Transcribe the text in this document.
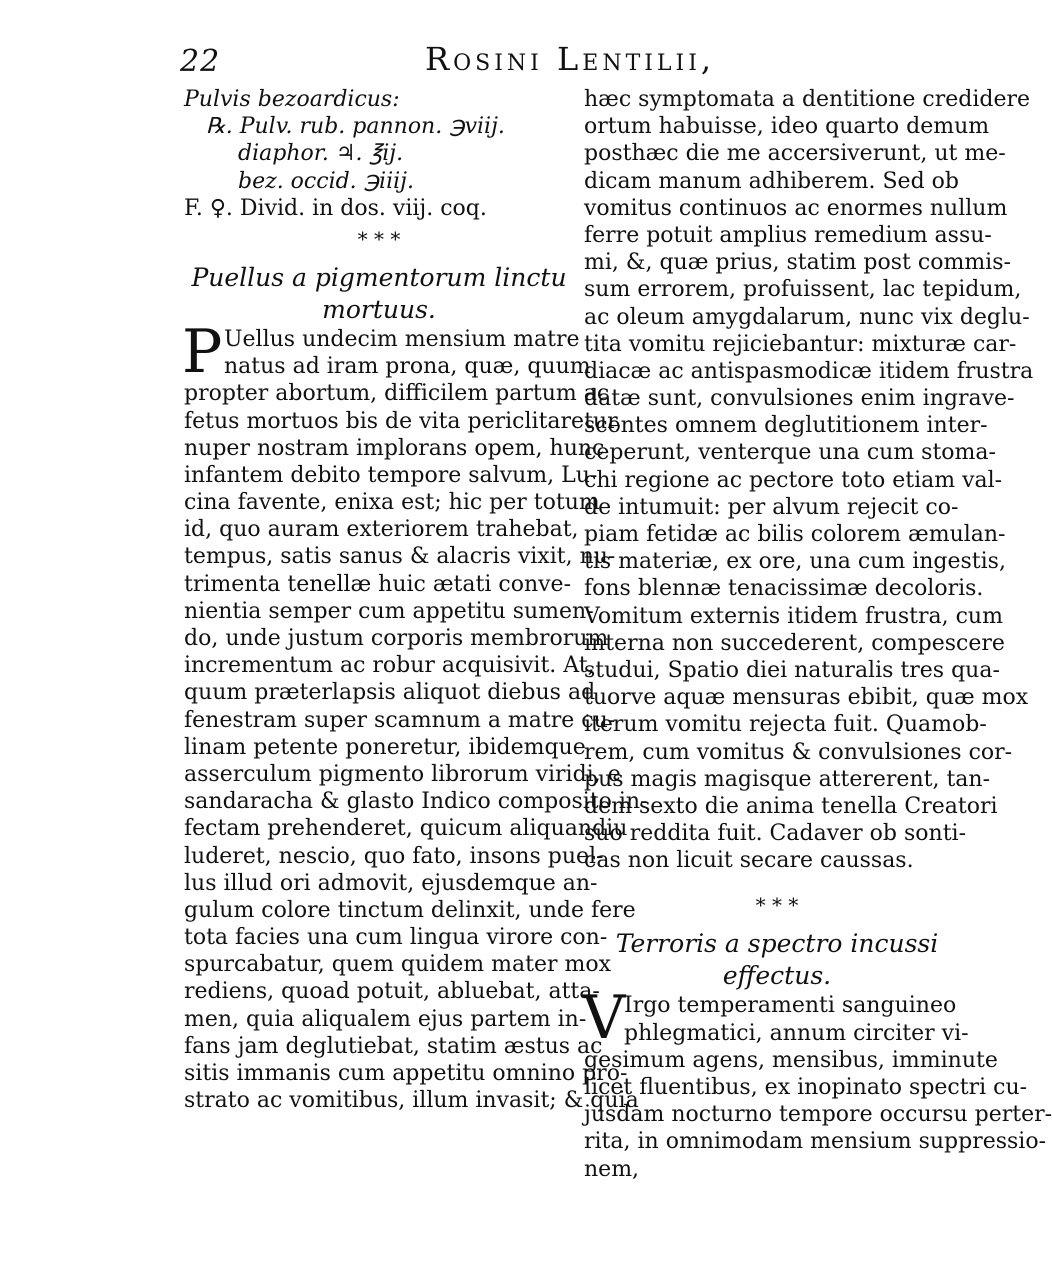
22	Rosini Lentilii,
Pulvis bezoardicus:
℞. Pulv. rub. pannon. ℈viij.
diaphor. ♃. ℥ij.
bez. occid. ℈iiij.
F. ♀. Divid. in dos. viij. coq.
* * *
Puellus a pigmentorum linctu
mortuus.
P Uellus undecim mensium matre
natus ad iram prona, quæ, quum
propter abortum, difficilem partum ac
fetus mortuos bis de vita periclitaretur,
nuper nostram implorans opem, hunc
infantem debito tempore salvum, Lu-
cina favente, enixa est; hic per totum
id, quo auram exteriorem trahebat,
tempus, satis sanus & alacris vixit, nu-
trimenta tenellæ huic ætati conve-
nientia semper cum appetitu sumen-
do, unde justum corporis membrorum
incrementum ac robur acquisivit. At,
quum præterlapsis aliquot diebus ad
fenestram super scamnum a matre cu-
linam petente poneretur, ibidemque
asserculum pigmento librorum viridi, e
sandaracha & glasto Indico composito in-
fectam prehenderet, quicum aliquandiu
luderet, nescio, quo fato, insons puel-
lus illud ori admovit, ejusdemque an-
gulum colore tinctum delinxit, unde fere
tota facies una cum lingua virore con-
spurcabatur, quem quidem mater mox
rediens, quoad potuit, abluebat, atta-
men, quia aliqualem ejus partem in-
fans jam deglutiebat, statim æstus ac
sitis immanis cum appetitu omnino pro-
strato ac vomitibus, illum invasit; & quia
hæc symptomata a dentitione credidere
ortum habuisse, ideo quarto demum
posthæc die me accersiverunt, ut me-
dicam manum adhiberem. Sed ob
vomitus continuos ac enormes nullum
ferre potuit amplius remedium assu-
mi, &, quæ prius, statim post commis-
sum errorem, profuissent, lac tepidum,
ac oleum amygdalarum, nunc vix deglu-
tita vomitu rejiciebantur: mixturæ car-
diacæ ac antispasmodicæ itidem frustra
datæ sunt, convulsiones enim ingrave-
scentes omnem deglutitionem inter-
ceperunt, venterque una cum stoma-
chi regione ac pectore toto etiam val-
de intumuit: per alvum rejecit co-
piam fetidæ ac bilis colorem æmulan-
tis materiæ, ex ore, una cum ingestis,
fons blennæ tenacissimæ decoloris.
Vomitum externis itidem frustra, cum
interna non succederent, compescere
studui, Spatio diei naturalis tres qua-
tuorve aquæ mensuras ebibit, quæ mox
iterum vomitu rejecta fuit. Quamob-
rem, cum vomitus & convulsiones cor-
pus magis magisque attererent, tan-
dem sexto die anima tenella Creatori
suo reddita fuit. Cadaver ob sonti-
cas non licuit secare caussas.
* * *
Terroris a spectro incussi effectus.
V
Irgo temperamenti sanguineo
phlegmatici, annum circiter vi-
gesimum agens, mensibus, imminute
licet fluentibus, ex inopinato spectri cu-
jusdam nocturno tempore occursu perter-
rita, in omnimodam mensium suppressio-
nem,
